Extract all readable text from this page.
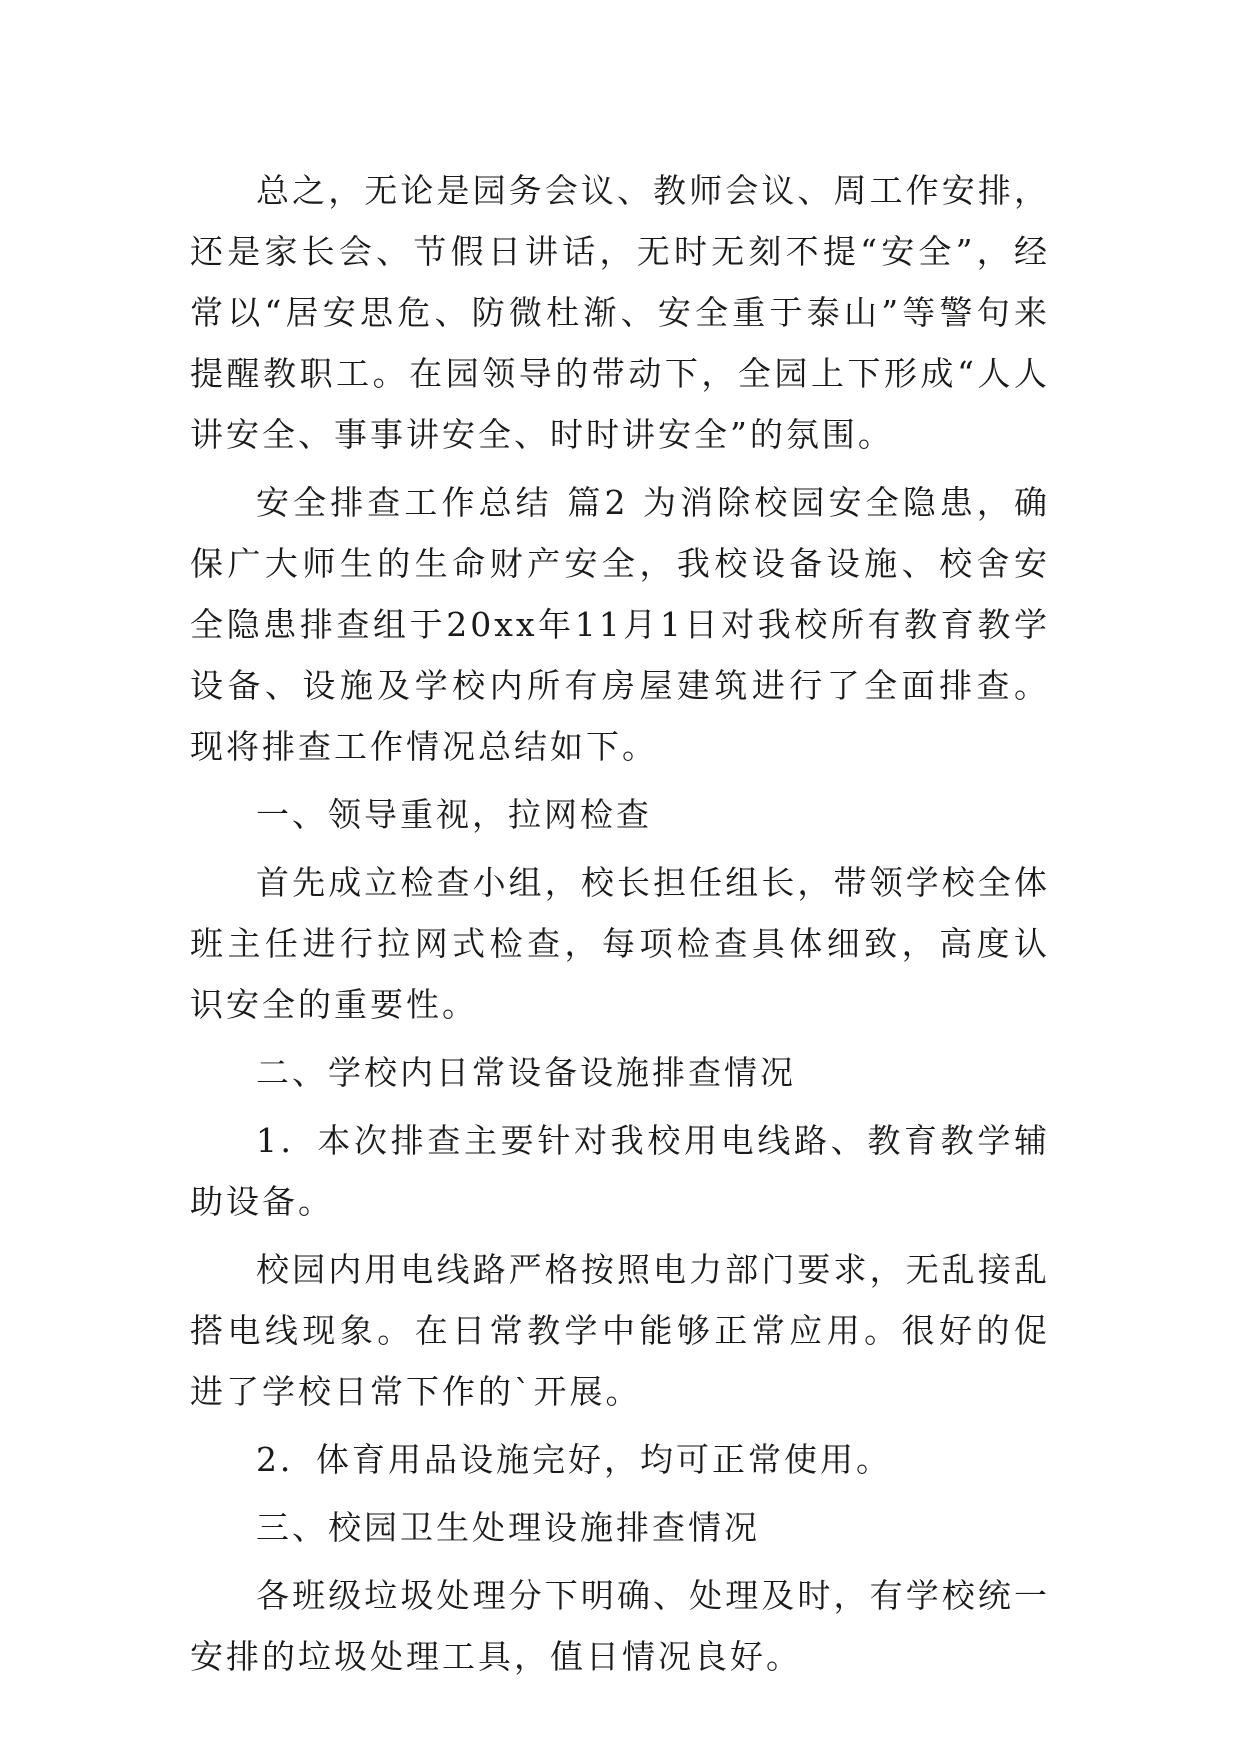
总之，无论是园务会议、教师会议、周工作安排，还是家长会、节假日讲话，无时无刻不提“安全”，经常以“居安思危、防微杜渐、安全重于泰山”等警句来提醒教职工。在园领导的带动下，全园上下形成“人人讲安全、事事讲安全、时时讲安全”的氛围。

安全排查工作总结 篇2 为消除校园安全隐患，确保广大师生的生命财产安全，我校设备设施、校舍安全隐患排查组于20xx年11月1日对我校所有教育教学设备、设施及学校内所有房屋建筑进行了全面排查。现将排查工作情况总结如下。

一、领导重视，拉网检查

首先成立检查小组，校长担任组长，带领学校全体班主任进行拉网式检查，每项检查具体细致，高度认识安全的重要性。

二、学校内日常设备设施排查情况

1．本次排查主要针对我校用电线路、教育教学辅助设备。

校园内用电线路严格按照电力部门要求，无乱接乱搭电线现象。在日常教学中能够正常应用。很好的促进了学校日常下作的`开展。

2．体育用品设施完好，均可正常使用。

三、校园卫生处理设施排查情况

各班级垃圾处理分下明确、处理及时，有学校统一安排的垃圾处理工具，值日情况良好。
